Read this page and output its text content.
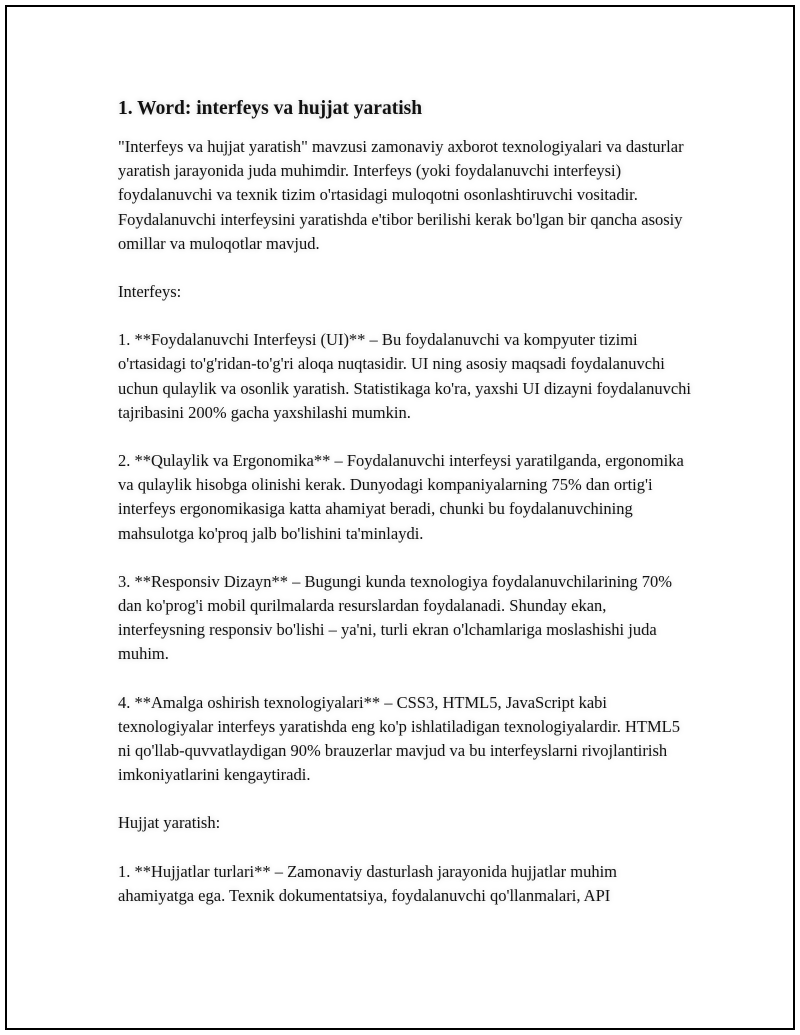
1. Word: interfeys va hujjat yaratish

"Interfeys va hujjat yaratish" mavzusi zamonaviy axborot texnologiyalari va dasturlar yaratish jarayonida juda muhimdir. Interfeys (yoki foydalanuvchi interfeysi) foydalanuvchi va texnik tizim o'rtasidagi muloqotni osonlashtiruvchi vositadir. Foydalanuvchi interfeysini yaratishda e'tibor berilishi kerak bo'lgan bir qancha asosiy omillar va muloqotlar mavjud.

Interfeys:

1. **Foydalanuvchi Interfeysi (UI)** – Bu foydalanuvchi va kompyuter tizimi o'rtasidagi to'g'ridan-to'g'ri aloqa nuqtasidir. UI ning asosiy maqsadi foydalanuvchi uchun qulaylik va osonlik yaratish. Statistikaga ko'ra, yaxshi UI dizayni foydalanuvchi tajribasini 200% gacha yaxshilashi mumkin.

2. **Qulaylik va Ergonomika** – Foydalanuvchi interfeysi yaratilganda, ergonomika va qulaylik hisobga olinishi kerak. Dunyodagi kompaniyalarning 75% dan ortig'i interfeys ergonomikasiga katta ahamiyat beradi, chunki bu foydalanuvchining mahsulotga ko'proq jalb bo'lishini ta'minlaydi.

3. **Responsiv Dizayn** – Bugungi kunda texnologiya foydalanuvchilarining 70% dan ko'prog'i mobil qurilmalarda resurslardan foydalanadi. Shunday ekan, interfeysning responsiv bo'lishi – ya'ni, turli ekran o'lchamlariga moslashishi juda muhim.

4. **Amalga oshirish texnologiyalari** – CSS3, HTML5, JavaScript kabi texnologiyalar interfeys yaratishda eng ko'p ishlatiladigan texnologiyalardir. HTML5 ni qo'llab-quvvatlaydigan 90% brauzerlar mavjud va bu interfeyslarni rivojlantirish imkoniyatlarini kengaytiradi.

Hujjat yaratish:

1. **Hujjatlar turlari** – Zamonaviy dasturlash jarayonida hujjatlar muhim ahamiyatga ega. Texnik dokumentatsiya, foydalanuvchi qo'llanmalari, API
